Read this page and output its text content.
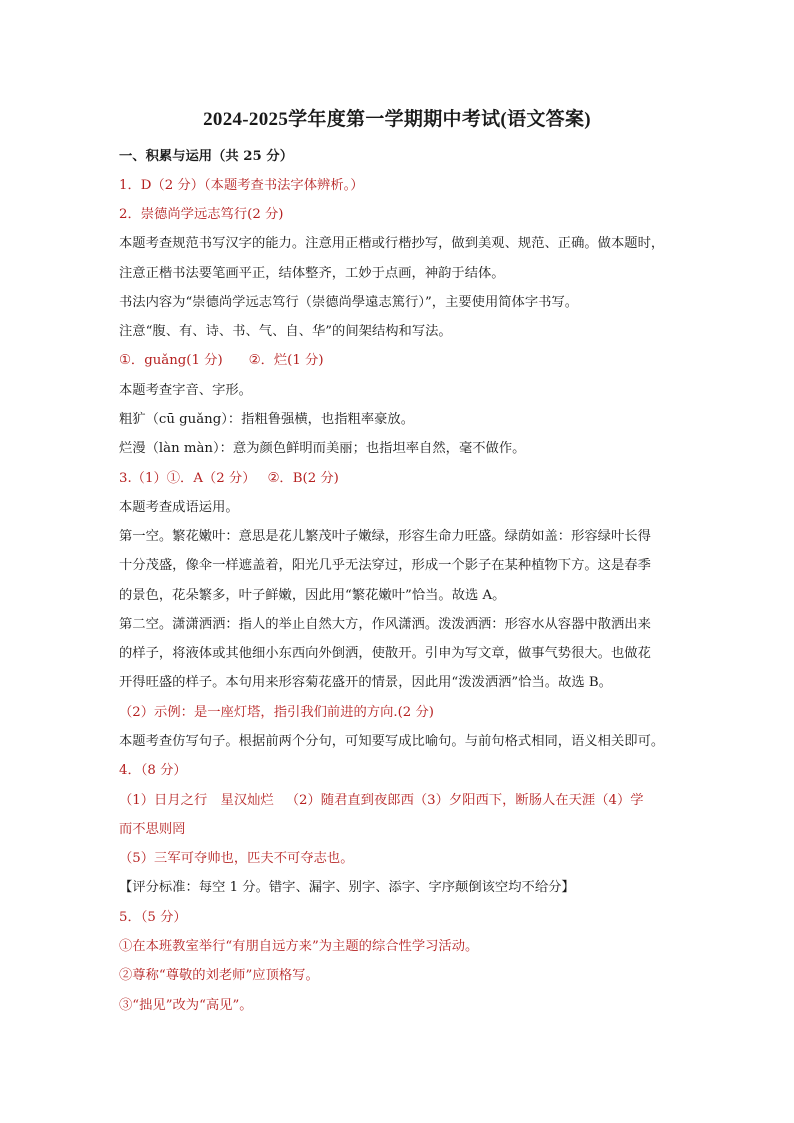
2024-2025学年度第一学期期中考试(语文答案)
一、积累与运用（共 25 分）
1．D（2 分）（本题考查书法字体辨析。）
2．崇德尚学远志笃行(2 分)
本题考查规范书写汉字的能力。注意用正楷或行楷抄写，做到美观、规范、正确。做本题时，
注意正楷书法要笔画平正，结体整齐，工妙于点画，神韵于结体。
书法内容为“崇德尚学远志笃行（崇德尚學遠志篤行）”，主要使用简体字书写。
注意“腹、有、诗、书、气、自、华”的间架结构和写法。
①．guǎng(1 分) ②．烂(1 分)
本题考查字音、字形。
粗犷（cū guǎng）：指粗鲁强横，也指粗率豪放。
烂漫（làn màn）：意为颜色鲜明而美丽；也指坦率自然，毫不做作。
3.（1）①．A（2 分） ②．B(2 分)
本题考查成语运用。
第一空。繁花嫩叶：意思是花儿繁茂叶子嫩绿，形容生命力旺盛。绿荫如盖：形容绿叶长得
十分茂盛，像伞一样遮盖着，阳光几乎无法穿过，形成一个影子在某种植物下方。这是春季
的景色，花朵繁多，叶子鲜嫩，因此用“繁花嫩叶”恰当。故选 A。
第二空。潇潇洒洒：指人的举止自然大方，作风潇洒。泼泼洒洒：形容水从容器中散洒出来
的样子，将液体或其他细小东西向外倒洒，使散开。引申为写文章，做事气势很大。也做花
开得旺盛的样子。本句用来形容菊花盛开的情景，因此用“泼泼洒洒”恰当。故选 B。
（2）示例：是一座灯塔，指引我们前进的方向.(2 分)
本题考查仿写句子。根据前两个分句，可知要写成比喻句。与前句格式相同，语义相关即可。
4．（8 分）
（1）日月之行　星汉灿烂 （2）随君直到夜郎西（3）夕阳西下，断肠人在天涯（4）学
而不思则罔
（5）三军可夺帅也，匹夫不可夺志也。
【评分标准：每空 1 分。错字、漏字、别字、添字、字序颠倒该空均不给分】
5．（5 分）
①在本班教室举行“有朋自远方来”为主题的综合性学习活动。
②尊称“尊敬的刘老师”应顶格写。
③“拙见”改为“高见”。
